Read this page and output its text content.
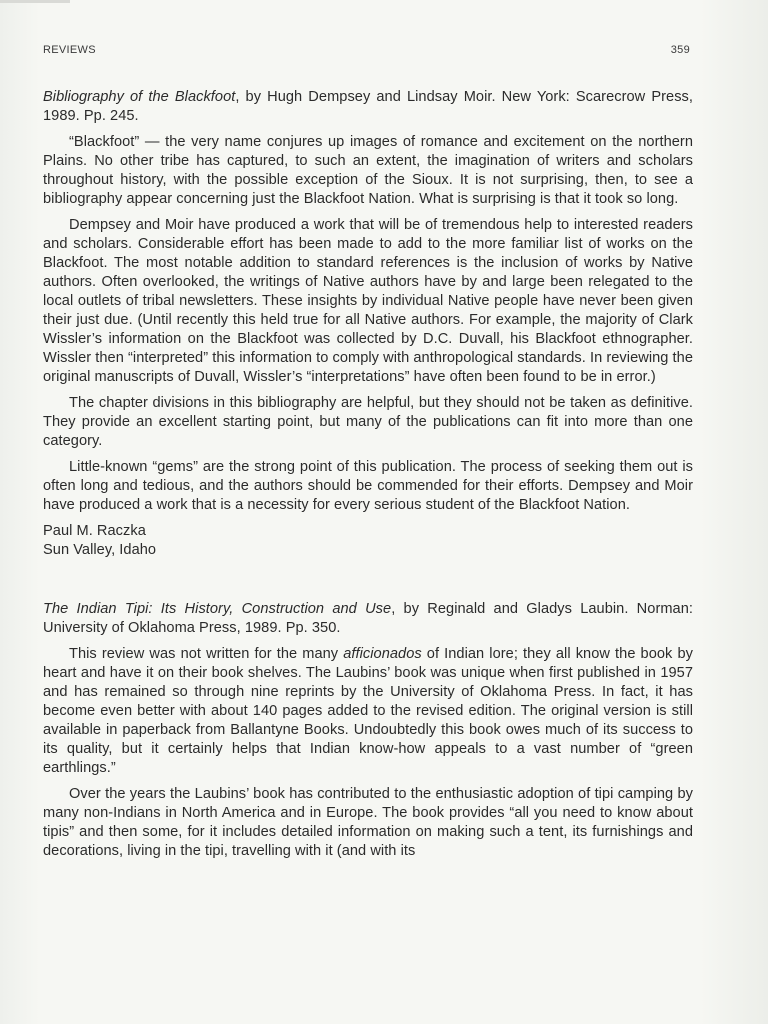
REVIEWS	359

Bibliography of the Blackfoot, by Hugh Dempsey and Lindsay Moir. New York: Scarecrow Press, 1989. Pp. 245.

“Blackfoot” — the very name conjures up images of romance and excitement on the northern Plains. No other tribe has captured, to such an extent, the imagination of writers and scholars throughout history, with the possible exception of the Sioux. It is not surprising, then, to see a bibliography appear concerning just the Blackfoot Nation. What is surprising is that it took so long.

Dempsey and Moir have produced a work that will be of tremendous help to interested readers and scholars. Considerable effort has been made to add to the more familiar list of works on the Blackfoot. The most notable addition to standard references is the inclusion of works by Native authors. Often overlooked, the writings of Native authors have by and large been relegated to the local outlets of tribal newsletters. These insights by individual Native people have never been given their just due. (Until recently this held true for all Native authors. For example, the majority of Clark Wissler’s information on the Blackfoot was collected by D.C. Duvall, his Blackfoot ethnographer. Wissler then “interpreted” this information to comply with anthropological standards. In reviewing the original manuscripts of Duvall, Wissler’s “interpretations” have often been found to be in error.)

The chapter divisions in this bibliography are helpful, but they should not be taken as definitive. They provide an excellent starting point, but many of the publications can fit into more than one category.

Little-known “gems” are the strong point of this publication. The process of seeking them out is often long and tedious, and the authors should be commended for their efforts. Dempsey and Moir have produced a work that is a necessity for every serious student of the Blackfoot Nation.

Paul M. Raczka

Sun Valley, Idaho

The Indian Tipi: Its History, Construction and Use, by Reginald and Gladys Laubin. Norman: University of Oklahoma Press, 1989. Pp. 350.

This review was not written for the many afficionados of Indian lore; they all know the book by heart and have it on their book shelves. The Laubins’ book was unique when first published in 1957 and has remained so through nine reprints by the University of Oklahoma Press. In fact, it has become even better with about 140 pages added to the revised edition. The original version is still available in paperback from Ballantyne Books. Undoubtedly this book owes much of its success to its quality, but it certainly helps that Indian know-how appeals to a vast number of “green earthlings.”

Over the years the Laubins’ book has contributed to the enthusiastic adoption of tipi camping by many non-Indians in North America and in Europe. The book provides “all you need to know about tipis” and then some, for it includes detailed information on making such a tent, its furnishings and decorations, living in the tipi, travelling with it (and with its
